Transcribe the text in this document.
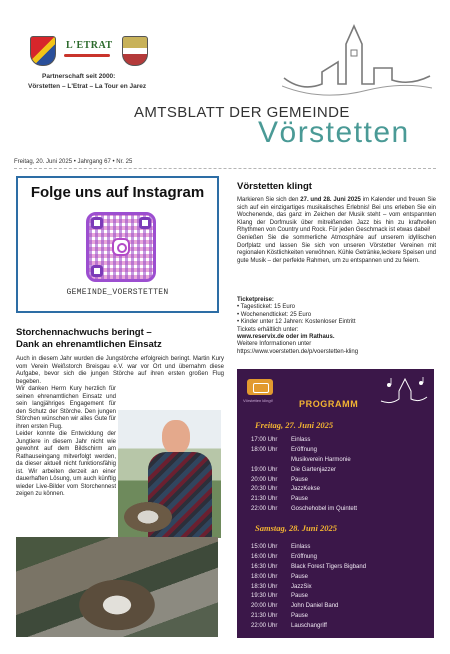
L'ETRAT
Partnerschaft seit 2000:
Vörstetten – L'Etrat – La Tour en Jarez
AMTSBLATT DER GEMEINDE
Vörstetten
Freitag, 20. Juni 2025 • Jahrgang 67 • Nr. 25
Folge uns auf Instagram
GEMEINDE_VOERSTETTEN
Storchennachwuchs beringt –
Dank an ehrenamtlichen Einsatz
Auch in diesem Jahr wurden die Jungstörche erfolgreich beringt. Martin Kury vom Verein Weißstorch Breisgau e.V. war vor Ort und übernahm diese Aufgabe, bevor sich die jungen Störche auf ihren ersten großen Flug begeben.
Wir danken Herrn Kury herzlich für seinen ehrenamtlichen Einsatz und sein langjähriges Engagement für den Schutz der Störche. Den jungen Störchen wünschen wir alles Gute für ihren ersten Flug.
Leider konnte die Entwicklung der Jungtiere in diesem Jahr nicht wie gewohnt auf dem Bildschirm am Rathauseingang mitverfolgt werden, da dieser aktuell nicht funktionsfähig ist. Wir arbeiten derzeit an einer dauerhaften Lösung, um auch künftig wieder Live-Bilder vom Storchennest zeigen zu können.
Vörstetten klingt
Markieren Sie sich den 27. und 28. Juni 2025 im Kalender und freuen Sie sich auf ein einzigartiges musikalisches Erlebnis! Bei uns erleben Sie ein Wochenende, das ganz im Zeichen der Musik steht – vom entspannten Klang der Dorfmusik über mitreißenden Jazz bis hin zu kraftvollen Rhythmen von Country und Rock. Für jeden Geschmack ist etwas dabei!
Genießen Sie die sommerliche Atmosphäre auf unserem idyllischen Dorfplatz und lassen Sie sich von unseren Vörstetter Vereinen mit regionalen Köstlichkeiten verwöhnen. Kühle Getränke,leckere Speisen und gute Musik – der perfekte Rahmen, um zu entspannen und zu feiern.
Ticketpreise:
• Tagesticket: 15 Euro
• Wochenendticket: 25 Euro
• Kinder unter 12 Jahren: Kostenloser Eintritt
Tickets erhältlich unter:
www.reservix.de oder im Rathaus.
Weitere Informationen unter
https://www.voerstetten.de/p/voerstetten-kling
Vörstetten klingt!	PROGRAMM
Freitag, 27. Juni 2025
17:00 Uhr Einlass
18:00 Uhr Eröffnung
Musikverein Harmonie
19:00 Uhr Die Gartenjazzer
20:00 Uhr Pause
20:30 Uhr JazzKekse
21:30 Uhr Pause
22:00 Uhr Goschehobel im Quintett
Samstag, 28. Juni 2025
15:00 Uhr Einlass
16:00 Uhr Eröffnung
16:30 Uhr Black Forest Tigers Bigband
18:00 Uhr Pause
18:30 Uhr JazzSix
19:30 Uhr Pause
20:00 Uhr John Daniel Band
21:30 Uhr Pause
22:00 Uhr Lauschangriff
